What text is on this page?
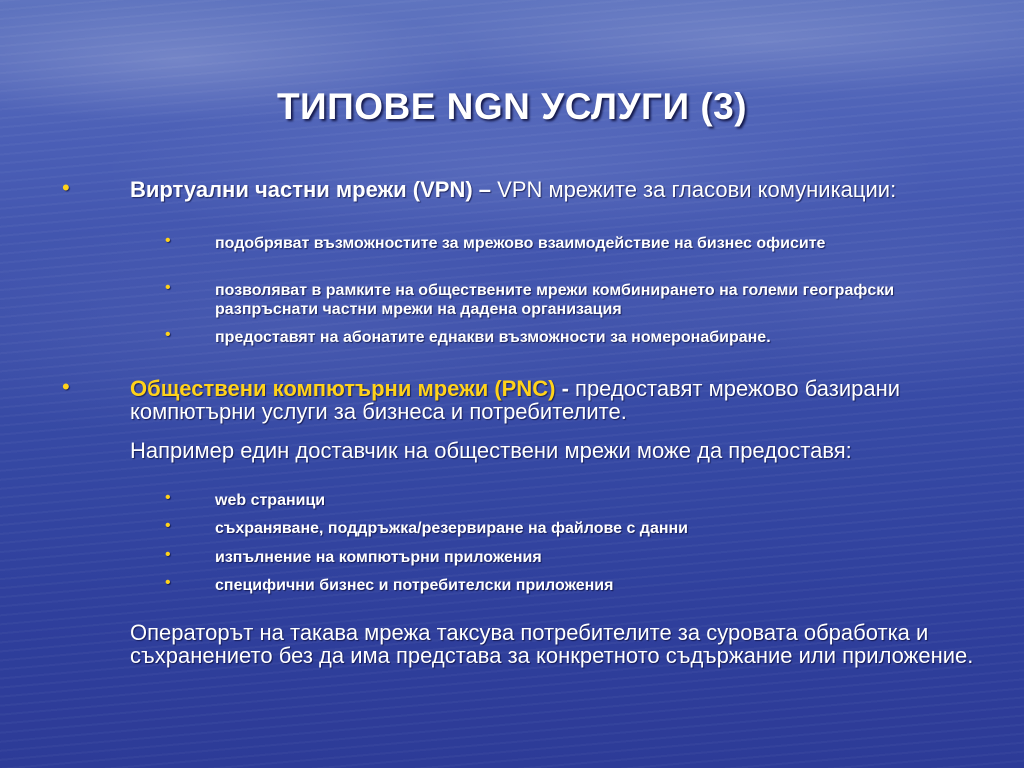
ТИПОВЕ NGN УСЛУГИ (3)
•	Виртуални частни мрежи (VPN) – VPN мрежите за гласови комуникации:
•	подобряват възможностите за мрежово взаимодействие на бизнес офисите
•	позволяват в рамките на обществените мрежи комбинирането на големи географски разпръснати частни мрежи на дадена организация
•	предоставят на абонатите еднакви възможности за номеронабиране.
•	Обществени компютърни мрежи (PNC) - предоставят мрежово базирани компютърни услуги за бизнеса и потребителите.
Например един доставчик на обществени мрежи може да предоставя:
•	web страници
•	съхраняване, поддръжка/резервиране на файлове с данни
•	изпълнение на компютърни приложения
•	специфични бизнес и потребителски приложения
Операторът на такава мрежа таксува потребителите за суровата обработка и съхранението без да има представа за конкретното съдържание или приложение.
